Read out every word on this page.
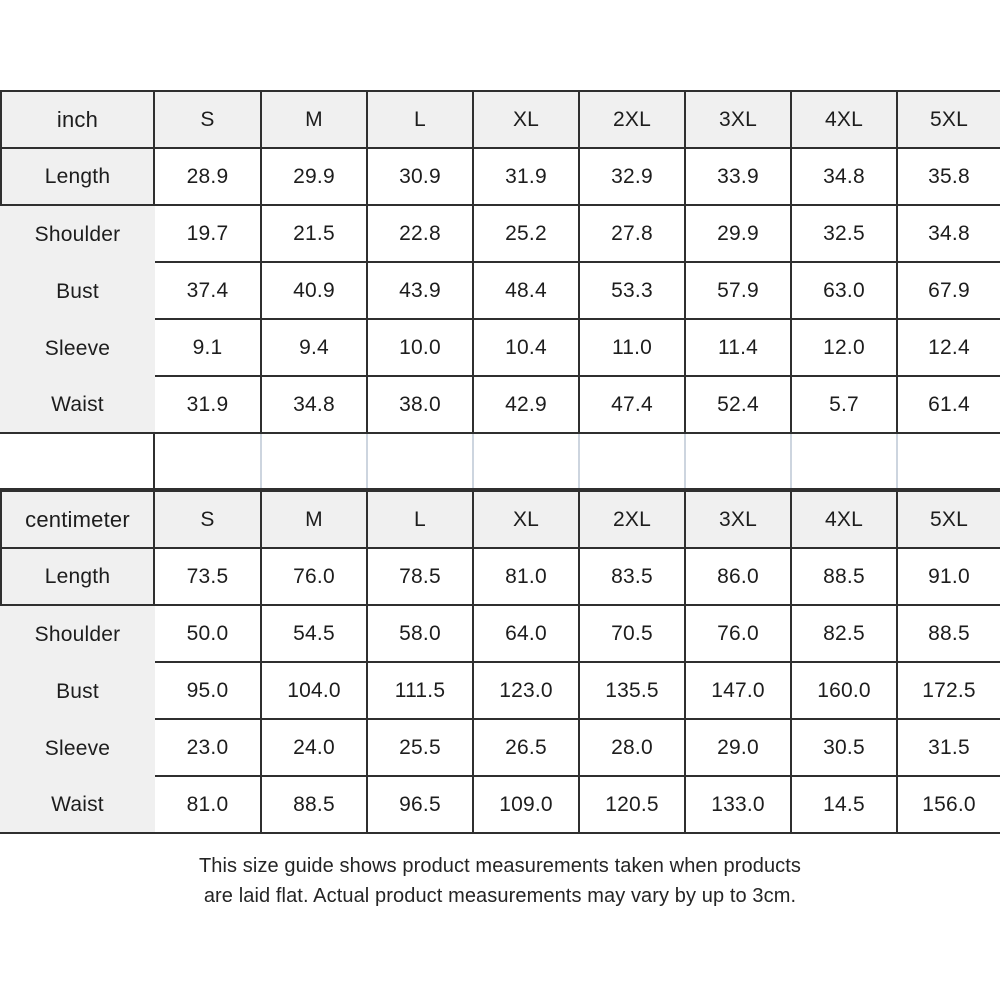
inch	S	M	L	XL	2XL	3XL	4XL	5XL
Length	28.9	29.9	30.9	31.9	32.9	33.9	34.8	35.8
Shoulder	19.7	21.5	22.8	25.2	27.8	29.9	32.5	34.8
Bust	37.4	40.9	43.9	48.4	53.3	57.9	63.0	67.9
Sleeve	9.1	9.4	10.0	10.4	11.0	11.4	12.0	12.4
Waist	31.9	34.8	38.0	42.9	47.4	52.4	5.7	61.4
centimeter	S	M	L	XL	2XL	3XL	4XL	5XL
Length	73.5	76.0	78.5	81.0	83.5	86.0	88.5	91.0
Shoulder	50.0	54.5	58.0	64.0	70.5	76.0	82.5	88.5
Bust	95.0	104.0	111.5	123.0	135.5	147.0	160.0	172.5
Sleeve	23.0	24.0	25.5	26.5	28.0	29.0	30.5	31.5
Waist	81.0	88.5	96.5	109.0	120.5	133.0	14.5	156.0
This size guide shows product measurements taken when products
are laid flat. Actual product measurements may vary by up to 3cm.
